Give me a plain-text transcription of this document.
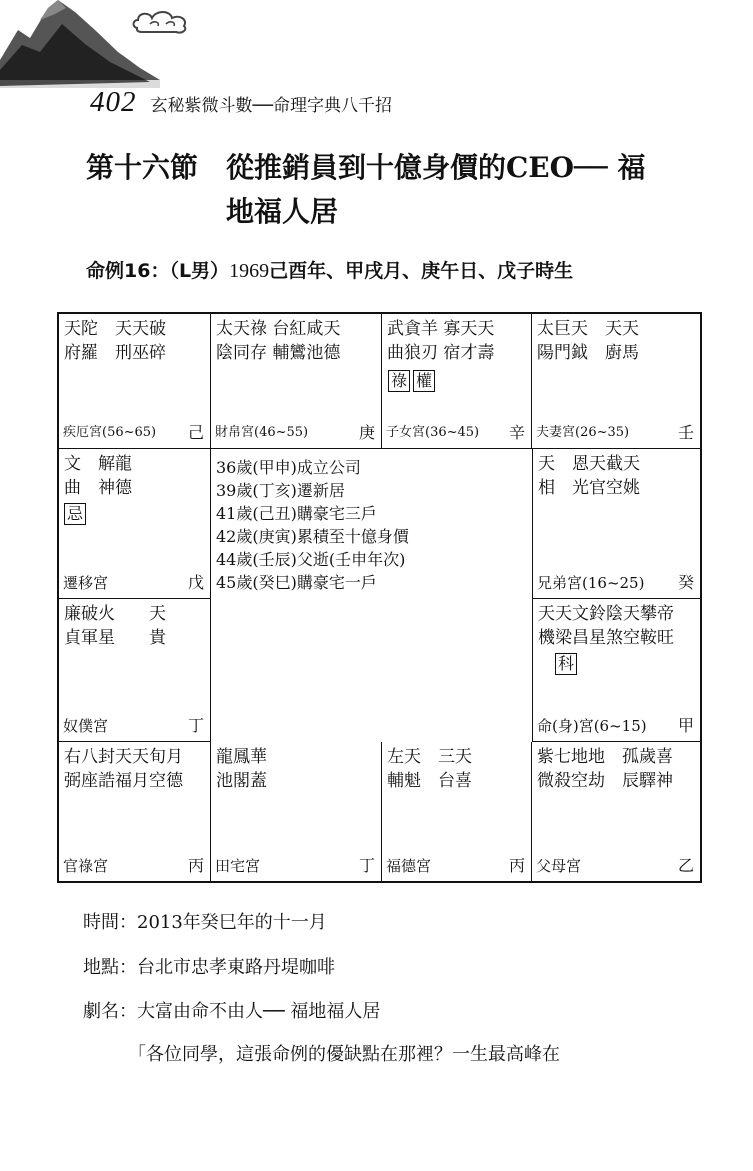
402 玄秘紫微斗數──命理字典八千招
第十六節 從推銷員到十億身價的CEO── 福
地福人居
命例16：（L男）1969己酉年、甲戌月、庚午日、戊子時生
天陀　天天破
府羅　刑巫碎
疾厄宮(56~65) 己
太天祿 台紅咸天
陰同存 輔鸞池德
財帛宮(46~55)	庚
武貪羊 寡天天
曲狼刃 宿才壽
祿 權
子女宮(36~45) 辛
太巨天　天天
陽門鉞　廚馬
夫妻宮(26~35)	壬
文　解龍
曲　神德
忌
遷移宮	戊
36歲(甲申)成立公司
39歲(丁亥)遷新居
41歲(己丑)購豪宅三戶
42歲(庚寅)累積至十億身價
44歲(壬辰)父逝(壬申年次)
45歲(癸巳)購豪宅一戶
天　恩天截天
相　光官空姚
兄弟宮(16~25) 癸
廉破火　　天
貞軍星　　貴
奴僕宮	丁
天天文鈴陰天攀帝
機梁昌星煞空鞍旺
科
命(身)宮(6~15) 甲
右八封天天旬月
弼座誥福月空德
官祿宮	丙
龍鳳華
池閣蓋
田宅宮	丁
左天　三天
輔魁　台喜
福德宮	丙
紫七地地　孤歲喜
微殺空劫　辰驛神
父母宮	乙
時間：2013年癸巳年的十一月
地點：台北市忠孝東路丹堤咖啡
劇名：大富由命不由人── 福地福人居
「各位同學，這張命例的優缺點在那裡？一生最高峰在
